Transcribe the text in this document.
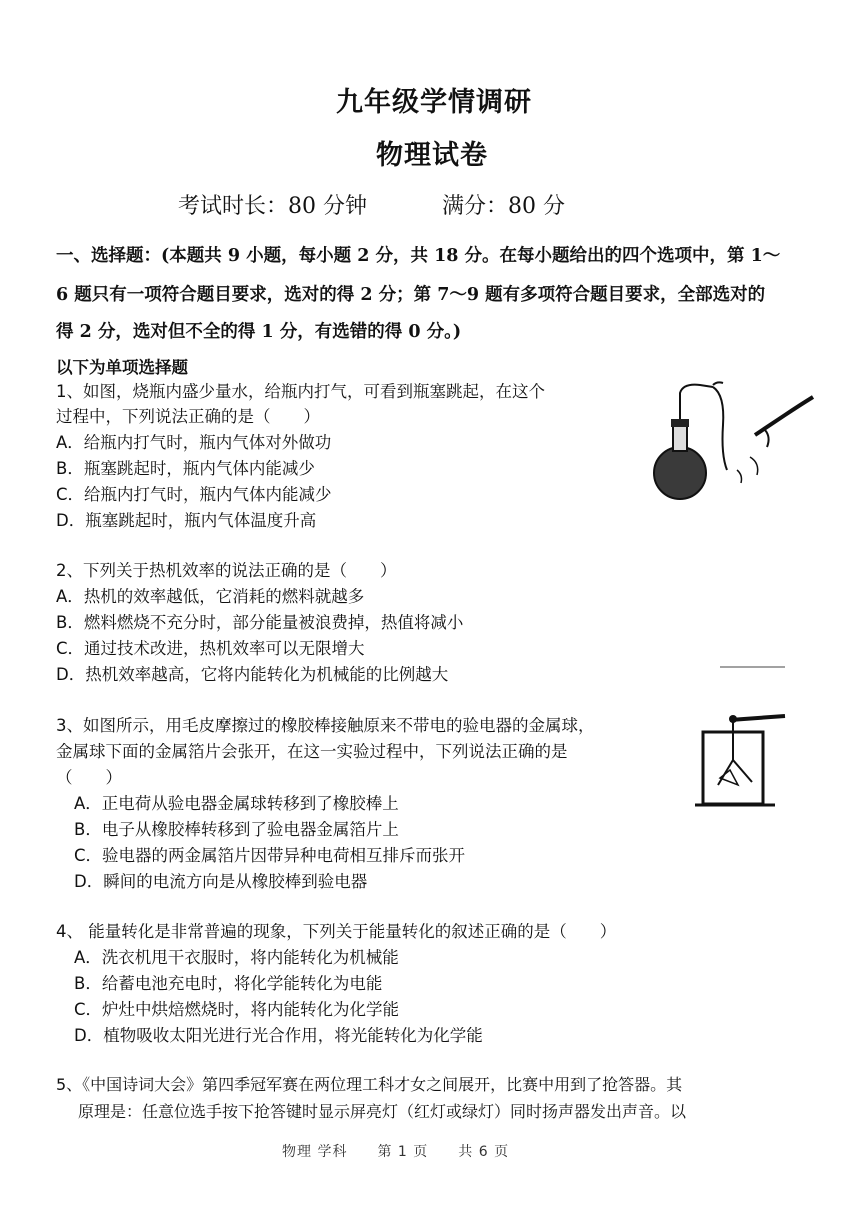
九年级学情调研
物理试卷
考试时长：80 分钟	满分：80 分
一、选择题：(本题共 9 小题，每小题 2 分，共 18 分。在每小题给出的四个选项中，第 1～
6 题只有一项符合题目要求，选对的得 2 分；第 7～9 题有多项符合题目要求，全部选对的
得 2 分，选对但不全的得 1 分，有选错的得 0 分。)
以下为单项选择题
1、如图，烧瓶内盛少量水，给瓶内打气，可看到瓶塞跳起，在这个
过程中，下列说法正确的是（　　）
A．给瓶内打气时，瓶内气体对外做功
B．瓶塞跳起时，瓶内气体内能减少
C．给瓶内打气时，瓶内气体内能减少
D．瓶塞跳起时，瓶内气体温度升高
2、下列关于热机效率的说法正确的是（　　）
A．热机的效率越低，它消耗的燃料就越多
B．燃料燃烧不充分时，部分能量被浪费掉，热值将减小
C．通过技术改进，热机效率可以无限增大
D．热机效率越高，它将内能转化为机械能的比例越大
3、如图所示，用毛皮摩擦过的橡胶棒接触原来不带电的验电器的金属球，
金属球下面的金属箔片会张开，在这一实验过程中，下列说法正确的是
（　　）
A．正电荷从验电器金属球转移到了橡胶棒上
B．电子从橡胶棒转移到了验电器金属箔片上
C．验电器的两金属箔片因带异种电荷相互排斥而张开
D．瞬间的电流方向是从橡胶棒到验电器
4、 能量转化是非常普遍的现象，下列关于能量转化的叙述正确的是（　　）
A．洗衣机甩干衣服时，将内能转化为机械能
B．给蓄电池充电时，将化学能转化为电能
C．炉灶中烘焙燃烧时，将内能转化为化学能
D．植物吸收太阳光进行光合作用，将光能转化为化学能
5、《中国诗词大会》第四季冠军赛在两位理工科才女之间展开，比赛中用到了抢答器。其
原理是：任意位选手按下抢答键时显示屏亮灯（红灯或绿灯）同时扬声器发出声音。以
物理 学科　　第 1 页　　共 6 页
